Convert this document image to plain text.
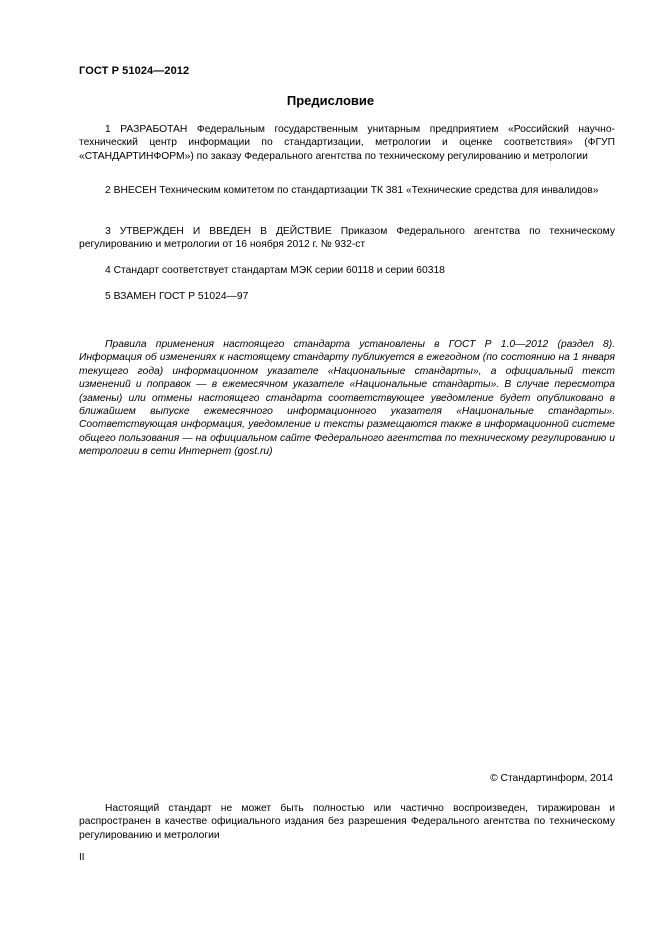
ГОСТ Р 51024—2012
Предисловие

1 РАЗРАБОТАН Федеральным государственным унитарным предприятием «Российский научно-технический центр информации по стандартизации, метрологии и оценке соответствия» (ФГУП «СТАНДАРТИНФОРМ») по заказу Федерального агентства по техническому регулированию и метрологии

2 ВНЕСЕН Техническим комитетом по стандартизации ТК 381 «Технические средства для инвалидов»

3 УТВЕРЖДЕН И ВВЕДЕН В ДЕЙСТВИЕ Приказом Федерального агентства по техническому регулированию и метрологии от 16 ноября 2012 г. № 932-ст

4 Стандарт соответствует стандартам МЭК серии 60118 и серии 60318

5 ВЗАМЕН ГОСТ Р 51024—97

Правила применения настоящего стандарта установлены в ГОСТ Р 1.0—2012 (раздел 8). Информация об изменениях к настоящему стандарту публикуется в ежегодном (по состоянию на 1 января текущего года) информационном указателе «Национальные стандарты», а официальный текст изменений и поправок — в ежемесячном указателе «Национальные стандарты». В случае пересмотра (замены) или отмены настоящего стандарта соответствующее уведомление будет опубликовано в ближайшем выпуске ежемесячного информационного указателя «Национальные стандарты». Соответствующая информация, уведомление и тексты размещаются также в информационной системе общего пользования — на официальном сайте Федерального агентства по техническому регулированию и метрологии в сети Интернет (gost.ru)

© Стандартинформ, 2014

Настоящий стандарт не может быть полностью или частично воспроизведен, тиражирован и распространен в качестве официального издания без разрешения Федерального агентства по техническому регулированию и метрологии

II
